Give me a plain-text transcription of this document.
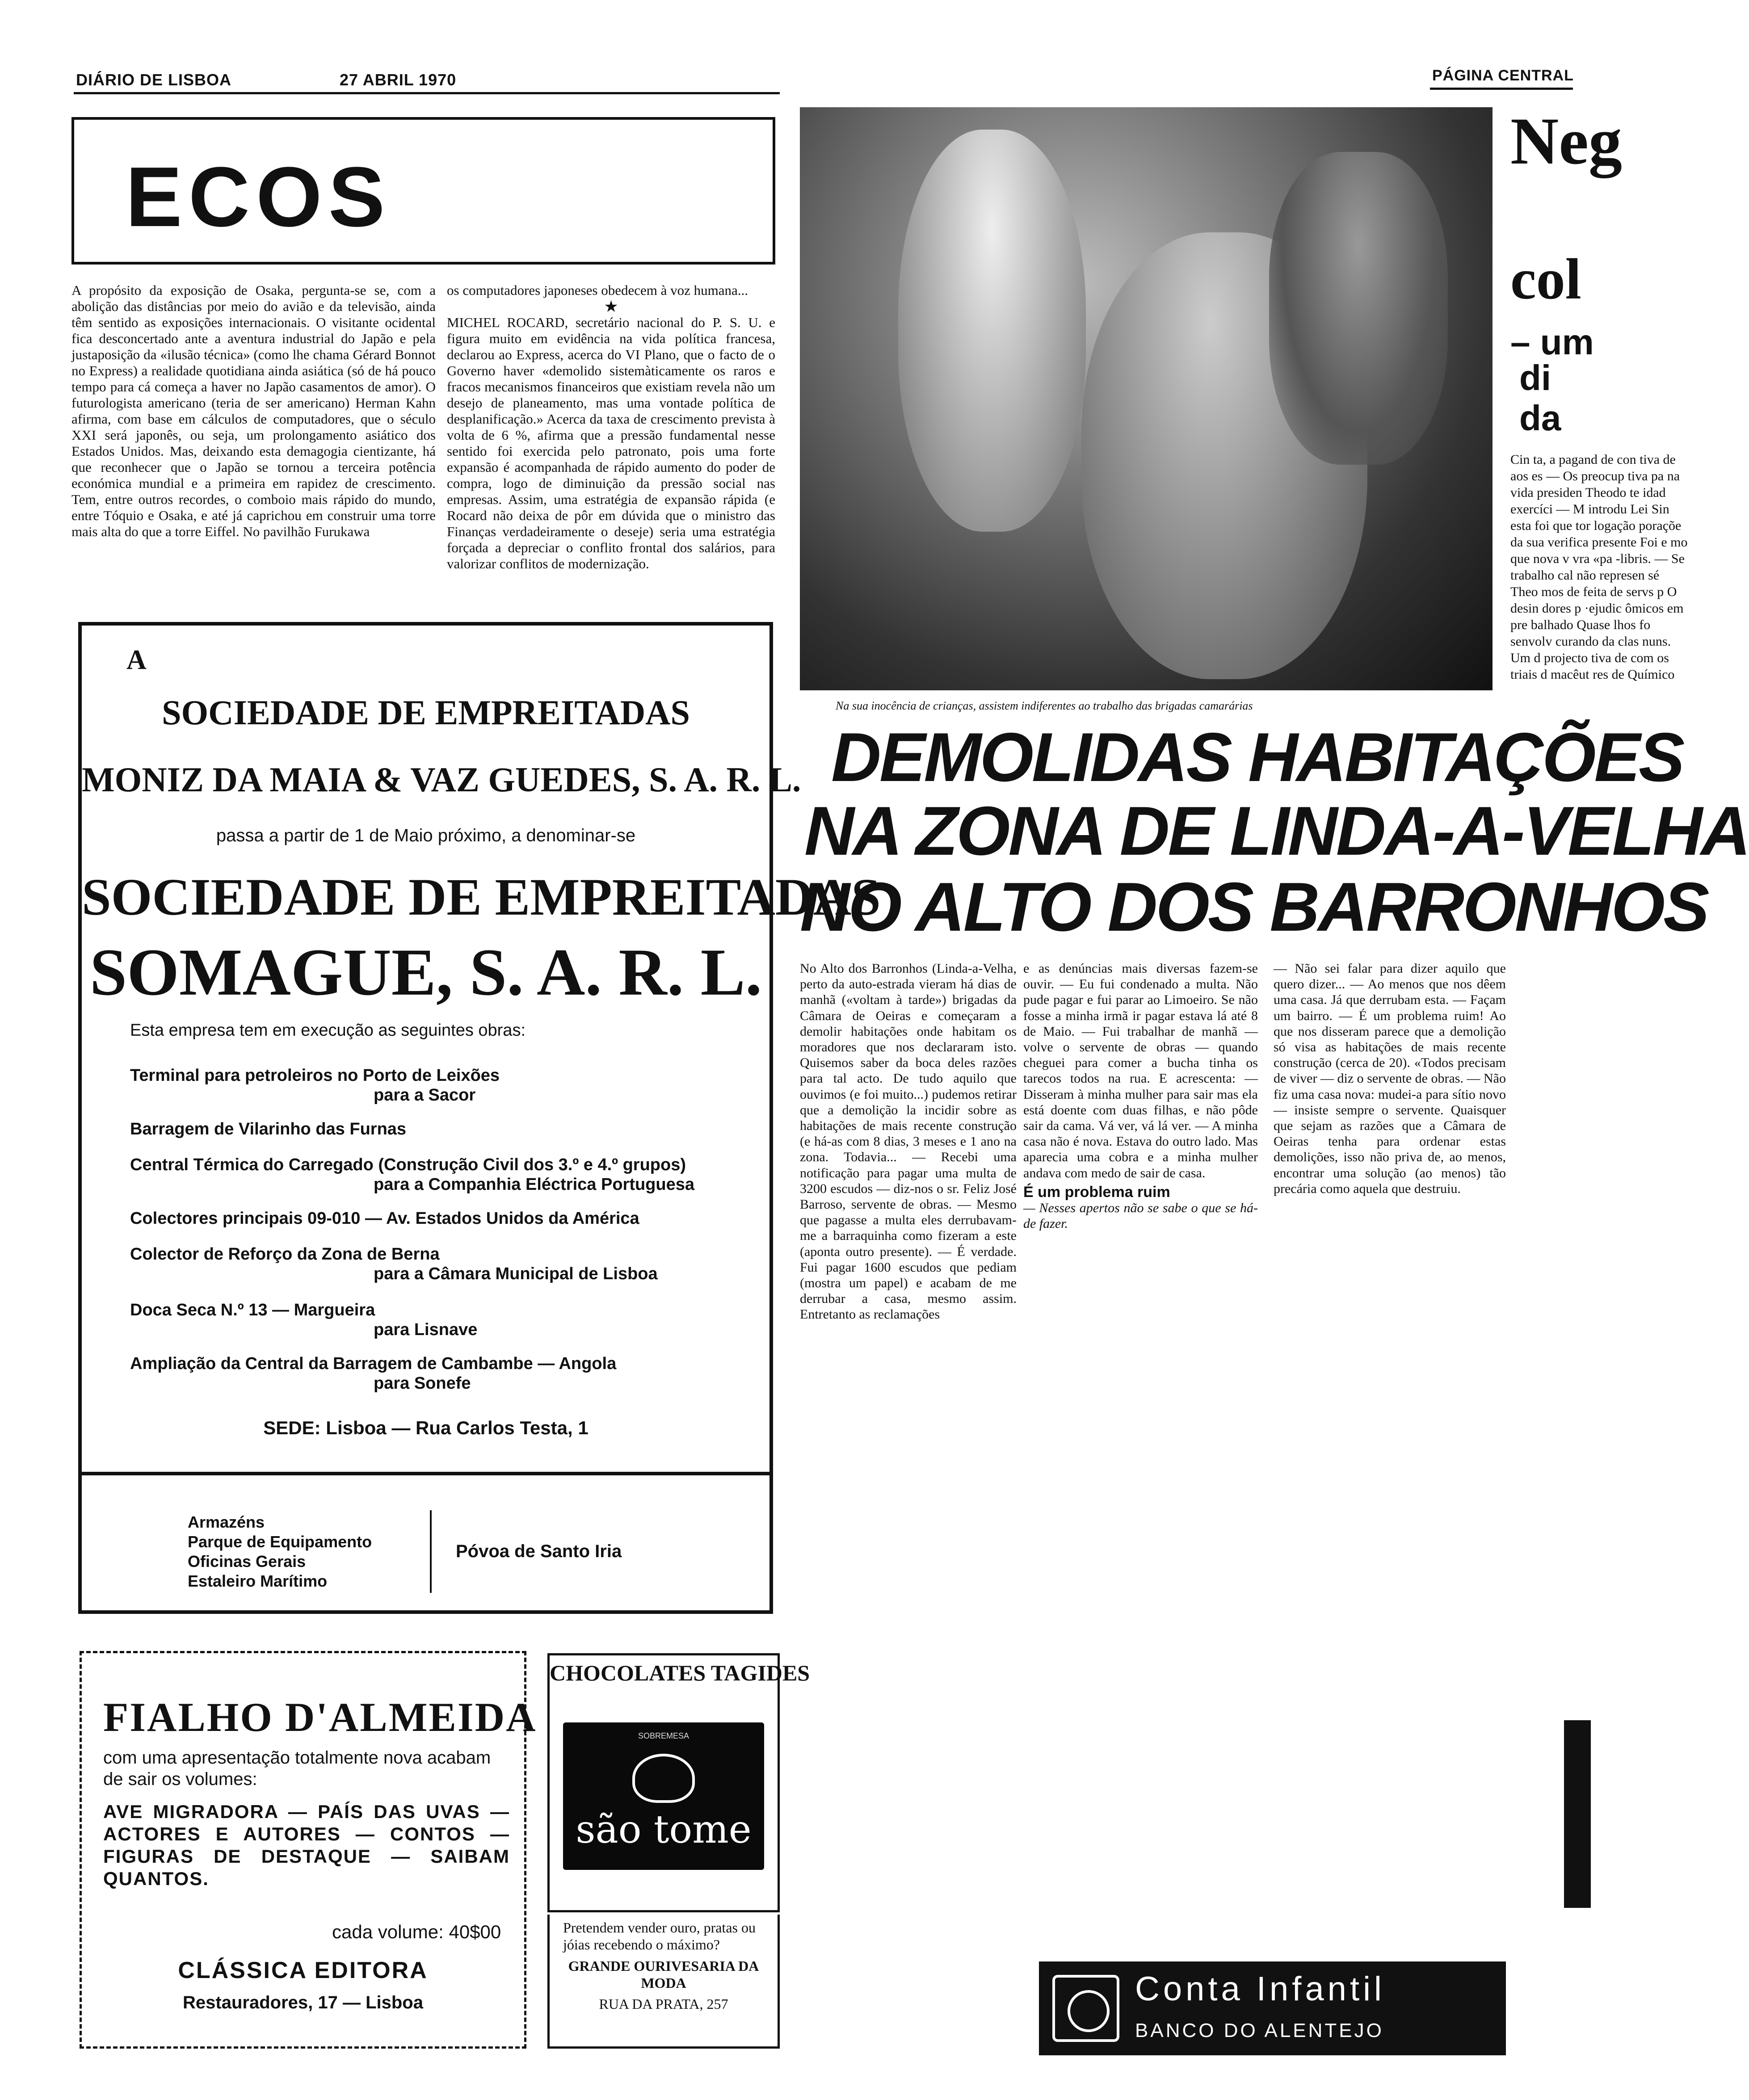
DIÁRIO DE LISBOA	27 ABRIL 1970	PÁGINA CENTRAL
ECOS

A propósito da exposição de Osaka, pergunta-se se, com a abolição das distâncias por meio do avião e da televisão, ainda têm sentido as exposições internacionais. O visitante ocidental fica desconcertado ante a aventura industrial do Japão e pela justaposição da «ilusão técnica» (como lhe chama Gérard Bonnot no Express) a realidade quotidiana ainda asiática (só de há pouco tempo para cá começa a haver no Japão casamentos de amor). O futurologista americano (teria de ser americano) Herman Kahn afirma, com base em cálculos de computadores, que o século XXI será japonês, ou seja, um prolongamento asiático dos Estados Unidos. Mas, deixando esta demagogia cientizante, há que reconhecer que o Japão se tornou a terceira potência económica mundial e a primeira em rapidez de crescimento. Tem, entre outros recordes, o comboio mais rápido do mundo, entre Tóquio e Osaka, e até já caprichou em construir uma torre mais alta do que a torre Eiffel. No pavilhão Furukawa

os computadores japoneses obedecem à voz humana...

★

MICHEL ROCARD, secretário nacional do P. S. U. e figura muito em evidência na vida política francesa, declarou ao Express, acerca do VI Plano, que o facto de o Governo haver «demolido sistemàticamente os raros e fracos mecanismos financeiros que existiam revela não um desejo de planeamento, mas uma vontade política de desplanificação.» Acerca da taxa de crescimento prevista à volta de 6 %, afirma que a pressão fundamental nesse sentido foi exercida pelo patronato, pois uma forte expansão é acompanhada de rápido aumento do poder de compra, logo de diminuição da pressão social nas empresas. Assim, uma estratégia de expansão rápida (e Rocard não deixa de pôr em dúvida que o ministro das Finanças verdadeiramente o deseje) seria uma estratégia forçada a depreciar o conflito frontal dos salários, para valorizar conflitos de modernização.

A
SOCIEDADE DE EMPREITADAS
MONIZ DA MAIA & VAZ GUEDES, S. A. R. L.
passa a partir de 1 de Maio próximo, a denominar-se
SOCIEDADE DE EMPREITADAS
SOMAGUE, S. A. R. L.
Esta empresa tem em execução as seguintes obras:
Terminal para petroleiros no Porto de Leixões
para a Sacor
Barragem de Vilarinho das Furnas
Central Térmica do Carregado (Construção Civil dos 3.º e 4.º grupos)
para a Companhia Eléctrica Portuguesa
Colectores principais 09-010 — Av. Estados Unidos da América
Colector de Reforço da Zona de Berna
para a Câmara Municipal de Lisboa
Doca Seca N.º 13 — Margueira
para Lisnave
Ampliação da Central da Barragem de Cambambe — Angola
para Sonefe
SEDE: Lisboa — Rua Carlos Testa, 1
Armazéns
Parque de Equipamento
Oficinas Gerais
Estaleiro Marítimo
Póvoa de Santo Iria
FIALHO D'ALMEIDA
com uma apresentação totalmente nova acabam de sair os volumes:
AVE MIGRADORA — PAÍS DAS UVAS — ACTORES E AUTORES — CONTOS — FIGURAS DE DESTAQUE — SAIBAM QUANTOS.
cada volume: 40$00
CLÁSSICA EDITORA
Restauradores, 17 — Lisboa
CHOCOLATES TAGIDES
SOBREMESA
são tome
Pretendem vender ouro, pratas ou jóias recebendo o máximo?
GRANDE OURIVESARIA DA MODA
RUA DA PRATA, 257
Na sua inocência de crianças, assistem indiferentes ao trabalho das brigadas camarárias
DEMOLIDAS HABITAÇÕES
NA ZONA DE LINDA-A-VELHA
NO ALTO DOS BARRONHOS
No Alto dos Barronhos (Linda-a-Velha, perto da auto-estrada vieram há dias de manhã («voltam à tarde») brigadas da Câmara de Oeiras e começaram a demolir habitações onde habitam os moradores que nos declararam isto. Quisemos saber da boca deles razões para tal acto. De tudo aquilo que ouvimos (e foi muito...) pudemos retirar que a demolição la incidir sobre as habitações de mais recente construção (e há-as com 8 dias, 3 meses e 1 ano na zona. Todavia... — Recebi uma notificação para pagar uma multa de 3200 escudos — diz-nos o sr. Feliz José Barroso, servente de obras. — Mesmo que pagasse a multa eles derrubavam-me a barraquinha como fizeram a este (aponta outro presente). — É verdade. Fui pagar 1600 escudos que pediam (mostra um papel) e acabam de me derrubar a casa, mesmo assim. Entretanto as reclamações

e as denúncias mais diversas fazem-se ouvir. — Eu fui condenado a multa. Não pude pagar e fui parar ao Limoeiro. Se não fosse a minha irmã ir pagar estava lá até 8 de Maio. — Fui trabalhar de manhã — volve o servente de obras — quando cheguei para comer a bucha tinha os tarecos todos na rua. E acrescenta: — Disseram à minha mulher para sair mas ela está doente com duas filhas, e não pôde sair da cama. Vá ver, vá lá ver. — A minha casa não é nova. Estava do outro lado. Mas aparecia uma cobra e a minha mulher andava com medo de sair de casa.

É um problema ruim

— Nesses apertos não se sabe o que se há-de fazer.

— Não sei falar para dizer aquilo que quero dizer... — Ao menos que nos dêem uma casa. Já que derrubam esta. — Façam um bairro. — É um problema ruim! Ao que nos disseram parece que a demolição só visa as habitações de mais recente construção (cerca de 20). «Todos precisam de viver — diz o servente de obras. — Não fiz uma casa nova: mudei-a para sítio novo — insiste sempre o servente. Quaisquer que sejam as razões que a Câmara de Oeiras tenha para ordenar estas demolições, isso não priva de, ao menos, encontrar uma solução (ao menos) tão precária como aquela que destruiu.
Conta Infantil
BANCO DO ALENTEJO
Neg
col
– um
di
da
Cin ta, a pagand de con tiva de aos es — Os preocup tiva pa na vida presiden Theodo te idad exercíci — M introdu Lei Sin esta foi que tor logação poraçõe da sua verifica presente Foi e mo que nova v vra «pa -libris. — Se trabalho cal não represen sé Theo mos de feita de servs p O desin dores p ·ejudic ômicos em pre balhado Quase lhos fo senvolv curando da clas nuns. Um d projecto tiva de com os triais d macêut res de Químico
